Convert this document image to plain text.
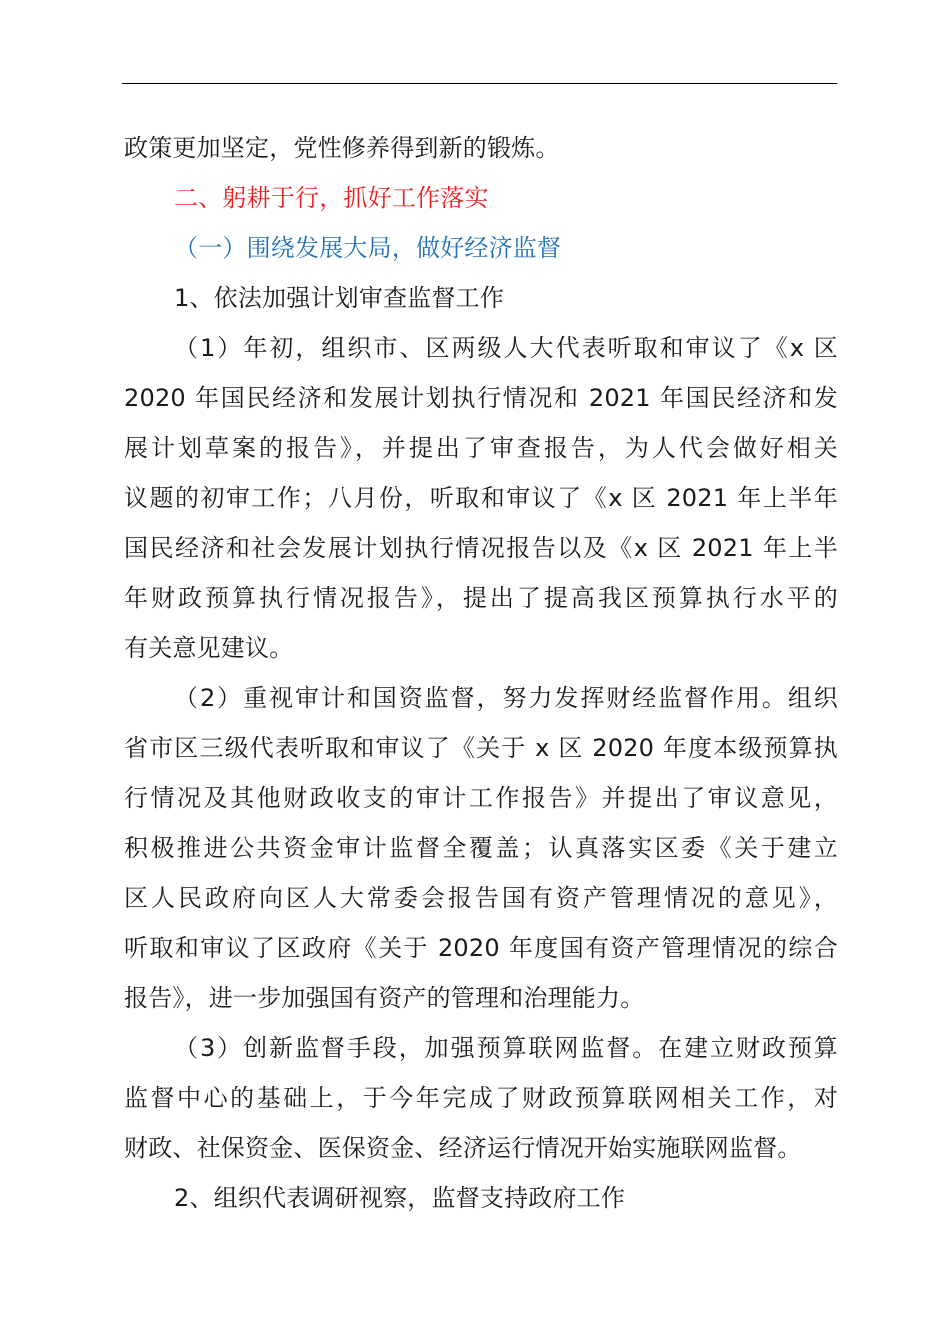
政策更加坚定，党性修养得到新的锻炼。
二、躬耕于行，抓好工作落实
（一）围绕发展大局，做好经济监督
1、依法加强计划审查监督工作
（1）年初，组织市、区两级人大代表听取和审议了《x 区
2020 年国民经济和发展计划执行情况和 2021 年国民经济和发
展计划草案的报告》，并提出了审查报告，为人代会做好相关
议题的初审工作；八月份，听取和审议了《x 区 2021 年上半年
国民经济和社会发展计划执行情况报告以及《x 区 2021 年上半
年财政预算执行情况报告》，提出了提高我区预算执行水平的
有关意见建议。
（2）重视审计和国资监督，努力发挥财经监督作用。组织
省市区三级代表听取和审议了《关于 x 区 2020 年度本级预算执
行情况及其他财政收支的审计工作报告》并提出了审议意见，
积极推进公共资金审计监督全覆盖；认真落实区委《关于建立
区人民政府向区人大常委会报告国有资产管理情况的意见》，
听取和审议了区政府《关于 2020 年度国有资产管理情况的综合
报告》，进一步加强国有资产的管理和治理能力。
（3）创新监督手段，加强预算联网监督。在建立财政预算
监督中心的基础上，于今年完成了财政预算联网相关工作，对
财政、社保资金、医保资金、经济运行情况开始实施联网监督。
2、组织代表调研视察，监督支持政府工作
